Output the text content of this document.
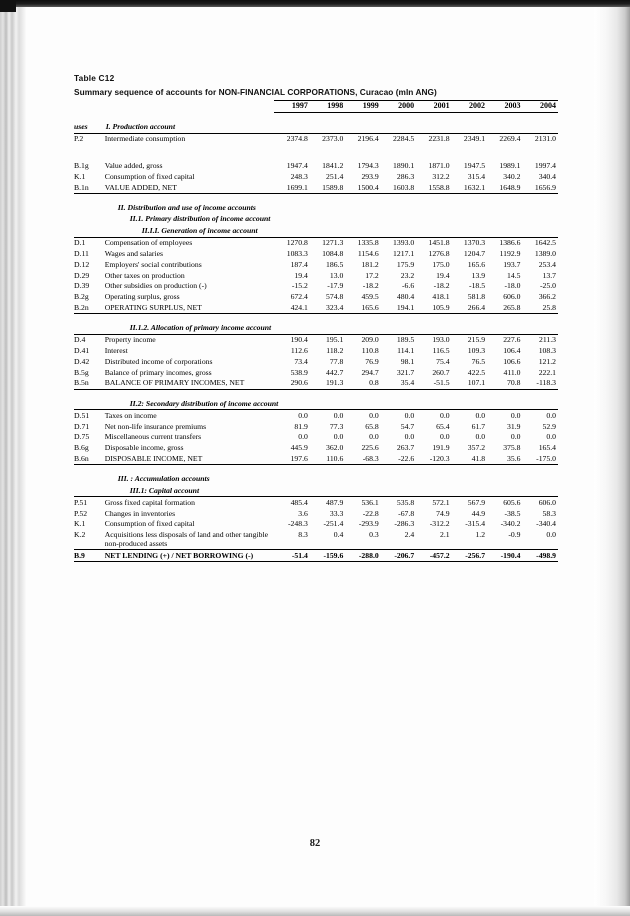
Table C12
Summary sequence of accounts for NON-FINANCIAL CORPORATIONS, Curacao (mln ANG)
		1997	1998	1999	2000	2001	2002	2003	2004

uses	I. Production account								
P.2	Intermediate consumption	2374.8	2373.0	2196.4	2284.5	2231.8	2349.1	2269.4	2131.0

B.1g	Value added, gross	1947.4	1841.2	1794.3	1890.1	1871.0	1947.5	1989.1	1997.4
K.1	Consumption of fixed capital	248.3	251.4	293.9	286.3	312.2	315.4	340.2	340.4
B.1n	VALUE ADDED, NET	1699.1	1589.8	1500.4	1603.8	1558.8	1632.1	1648.9	1656.9

	II. Distribution and use of income accounts								
	II.1. Primary distribution of income account								
	II.I.I. Generation of income account								
D.1	Compensation of employees	1270.8	1271.3	1335.8	1393.0	1451.8	1370.3	1386.6	1642.5
D.11	Wages and salaries	1083.3	1084.8	1154.6	1217.1	1276.8	1204.7	1192.9	1389.0
D.12	Employers' social contributions	187.4	186.5	181.2	175.9	175.0	165.6	193.7	253.4
D.29	Other taxes on production	19.4	13.0	17.2	23.2	19.4	13.9	14.5	13.7
D.39	Other subsidies on production (-)	-15.2	-17.9	-18.2	-6.6	-18.2	-18.5	-18.0	-25.0
B.2g	Operating surplus, gross	672.4	574.8	459.5	480.4	418.1	581.8	606.0	366.2
B.2n	OPERATING SURPLUS, NET	424.1	323.4	165.6	194.1	105.9	266.4	265.8	25.8

	II.1.2. Allocation of primary income account								
D.4	Property income	190.4	195.1	209.0	189.5	193.0	215.9	227.6	211.3
D.41	Interest	112.6	118.2	110.8	114.1	116.5	109.3	106.4	108.3
D.42	Distributed income of corporations	73.4	77.8	76.9	98.1	75.4	76.5	106.6	121.2
B.5g	Balance of primary incomes, gross	538.9	442.7	294.7	321.7	260.7	422.5	411.0	222.1
B.5n	BALANCE OF PRIMARY INCOMES, NET	290.6	191.3	0.8	35.4	-51.5	107.1	70.8	-118.3

	II.2: Secondary distribution of income account								
D.51	Taxes on income	0.0	0.0	0.0	0.0	0.0	0.0	0.0	0.0
D.71	Net non-life insurance premiums	81.9	77.3	65.8	54.7	65.4	61.7	31.9	52.9
D.75	Miscellaneous current transfers	0.0	0.0	0.0	0.0	0.0	0.0	0.0	0.0
B.6g	Disposable income, gross	445.9	362.0	225.6	263.7	191.9	357.2	375.8	165.4
B.6n	DISPOSABLE INCOME, NET	197.6	110.6	-68.3	-22.6	-120.3	41.8	35.6	-175.0

	III. : Accumulation accounts								
	III.1: Capital account								
P.51	Gross fixed capital formation	485.4	487.9	536.1	535.8	572.1	567.9	605.6	606.0
P.52	Changes in inventories	3.6	33.3	-22.8	-67.8	74.9	44.9	-38.5	58.3
K.1	Consumption of fixed capital	-248.3	-251.4	-293.9	-286.3	-312.2	-315.4	-340.2	-340.4
K.2	Acquisitions less disposals of land and other tangible non-produced assets	8.3	0.4	0.3	2.4	2.1	1.2	-0.9	0.0
B.9	NET LENDING (+) / NET BORROWING (-)	-51.4	-159.6	-288.0	-206.7	-457.2	-256.7	-190.4	-498.9
82
